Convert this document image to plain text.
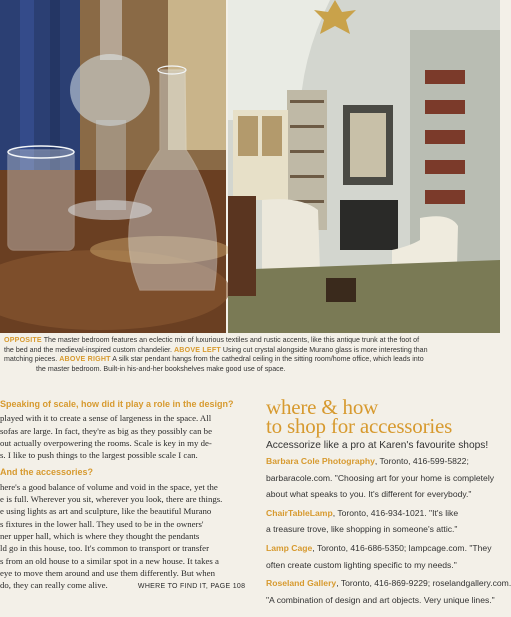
OPPOSITE The master bedroom features an eclectic mix of luxurious textiles and rustic accents, like this antique trunk at the foot of
the bed and the medieval-inspired custom chandelier. ABOVE LEFT Using cut crystal alongside Murano glass is more interesting than
matching pieces. ABOVE RIGHT A silk star pendant hangs from the cathedral ceiling in the sitting room/home office, which leads into
the master bedroom. Built-in his-and-her bookshelves make good use of space.

Speaking of scale, how did it play a role in the design?

played with it to create a sense of largeness in the space. All

sofas are large. In fact, they're as big as they possibly can be

out actually overpowering the rooms. Scale is key in my de-

s. I like to push things to the largest possible scale I can.

And the accessories?

here's a good balance of volume and void in the space, yet the

e is full. Wherever you sit, wherever you look, there are things.

e using lights as art and sculpture, like the beautiful Murano

s fixtures in the lower hall. They used to be in the owners'

ner upper hall, which is where they thought the pendants

ld go in this house, too. It's common to transport or transfer

s from an old house to a similar spot in a new house. It takes a

eye to move them around and use them differently. But when

do, they can really come alive.	WHERE TO FIND IT, PAGE 108

where & how
to shop for accessories
Accessorize like a pro at Karen's favourite shops!
Barbara Cole Photography, Toronto, 416-599-5822;
barbaracole.com. "Choosing art for your home is completely
about what speaks to you. It's different for everybody."
ChairTableLamp, Toronto, 416-934-1021. "It's like
a treasure trove, like shopping in someone's attic."
Lamp Cage, Toronto, 416-686-5350; lampcage.com. "They
often create custom lighting specific to my needs."
Roseland Gallery, Toronto, 416-869-9229; roselandgallery.com.
"A combination of design and art objects. Very unique lines."
